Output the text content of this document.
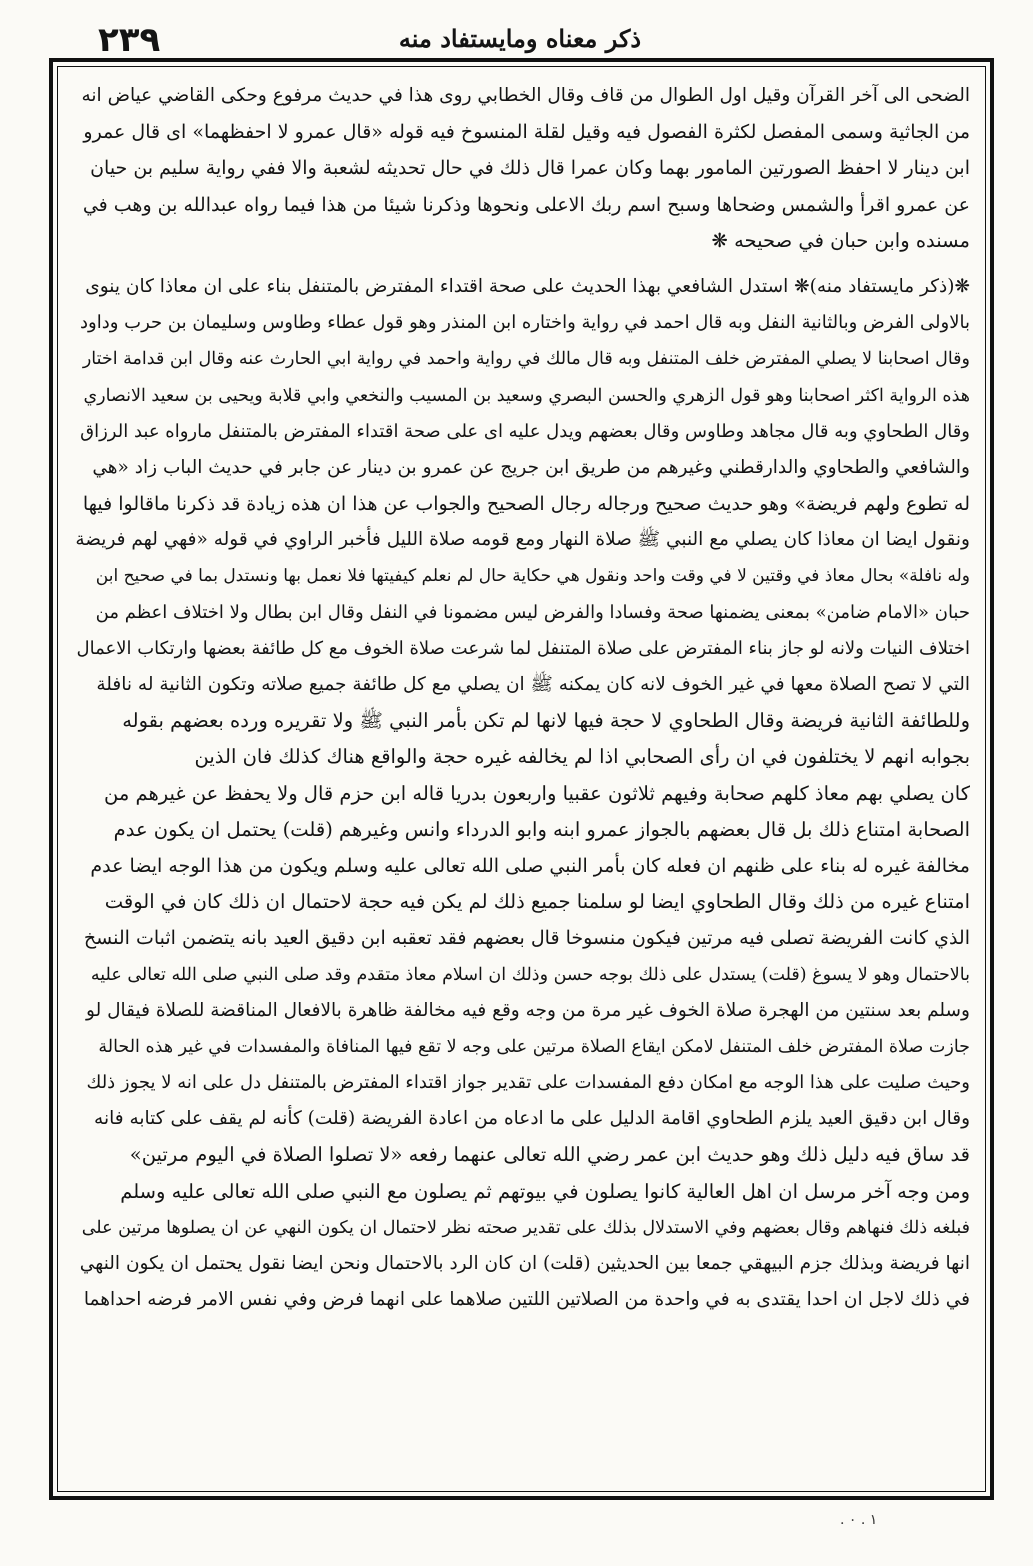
٢٣٩	ذكر معناه ومايستفاد منه
الضحى الى آخر القرآن وقيل اول الطوال من قاف وقال الخطابي روى هذا في حديث مرفوع وحكى القاضي عياض انه
من الجاثية وسمى المفصل لكثرة الفصول فيه وقيل لقلة المنسوخ فيه قوله «قال عمرو لا احفظهما» اى قال عمرو
ابن دينار لا احفظ الصورتين المامور بهما وكان عمرا قال ذلك في حال تحديثه لشعبة والا ففي رواية سليم بن حيان
عن عمرو اقرأ والشمس وضحاها وسبح اسم ربك الاعلى ونحوها وذكرنا شيئا من هذا فيما رواه عبدالله بن وهب في
مسنده وابن حبان في صحيحه ❋
❋(ذكر مايستفاد منه)❋ استدل الشافعي بهذا الحديث على صحة اقتداء المفترض بالمتنفل بناء على ان معاذا كان ينوى
بالاولى الفرض وبالثانية النفل وبه قال احمد في رواية واختاره ابن المنذر وهو قول عطاء وطاوس وسليمان بن حرب وداود
وقال اصحابنا لا يصلي المفترض خلف المتنفل وبه قال مالك في رواية واحمد في رواية ابي الحارث عنه وقال ابن قدامة اختار
هذه الرواية اكثر اصحابنا وهو قول الزهري والحسن البصري وسعيد بن المسيب والنخعي وابي قلابة ويحيى بن سعيد الانصاري
وقال الطحاوي وبه قال مجاهد وطاوس وقال بعضهم ويدل عليه اى على صحة اقتداء المفترض بالمتنفل مارواه عبد الرزاق
والشافعي والطحاوي والدارقطني وغيرهم من طريق ابن جريج عن عمرو بن دينار عن جابر في حديث الباب زاد «هي
له تطوع ولهم فريضة» وهو حديث صحيح ورجاله رجال الصحيح والجواب عن هذا ان هذه زيادة قد ذكرنا ماقالوا فيها
ونقول ايضا ان معاذا كان يصلي مع النبي ﷺ صلاة النهار ومع قومه صلاة الليل فأخبر الراوي في قوله «فهي لهم فريضة
وله نافلة» بحال معاذ في وقتين لا في وقت واحد ونقول هي حكاية حال لم نعلم كيفيتها فلا نعمل بها ونستدل بما في صحيح ابن
حبان «الامام ضامن» بمعنى يضمنها صحة وفسادا والفرض ليس مضمونا في النفل وقال ابن بطال ولا اختلاف اعظم من
اختلاف النيات ولانه لو جاز بناء المفترض على صلاة المتنفل لما شرعت صلاة الخوف مع كل طائفة بعضها وارتكاب الاعمال
التي لا تصح الصلاة معها في غير الخوف لانه كان يمكنه ﷺ ان يصلي مع كل طائفة جميع صلاته وتكون الثانية له نافلة
وللطائفة الثانية فريضة وقال الطحاوي لا حجة فيها لانها لم تكن بأمر النبي ﷺ ولا تقريره ورده بعضهم بقوله
بجوابه انهم لا يختلفون في ان رأى الصحابي اذا لم يخالفه غيره حجة والواقع هناك كذلك فان الذين
كان يصلي بهم معاذ كلهم صحابة وفيهم ثلاثون عقبيا واربعون بدريا قاله ابن حزم قال ولا يحفظ عن غيرهم من
الصحابة امتناع ذلك بل قال بعضهم بالجواز عمرو ابنه وابو الدرداء وانس وغيرهم (قلت) يحتمل ان يكون عدم
مخالفة غيره له بناء على ظنهم ان فعله كان بأمر النبي صلى الله تعالى عليه وسلم ويكون من هذا الوجه ايضا عدم
امتناع غيره من ذلك وقال الطحاوي ايضا لو سلمنا جميع ذلك لم يكن فيه حجة لاحتمال ان ذلك كان في الوقت
الذي كانت الفريضة تصلى فيه مرتين فيكون منسوخا قال بعضهم فقد تعقبه ابن دقيق العيد بانه يتضمن اثبات النسخ
بالاحتمال وهو لا يسوغ (قلت) يستدل على ذلك بوجه حسن وذلك ان اسلام معاذ متقدم وقد صلى النبي صلى الله تعالى عليه
وسلم بعد سنتين من الهجرة صلاة الخوف غير مرة من وجه وقع فيه مخالفة ظاهرة بالافعال المناقضة للصلاة فيقال لو
جازت صلاة المفترض خلف المتنفل لامكن ايقاع الصلاة مرتين على وجه لا تقع فيها المنافاة والمفسدات في غير هذه الحالة
وحيث صليت على هذا الوجه مع امكان دفع المفسدات على تقدير جواز اقتداء المفترض بالمتنفل دل على انه لا يجوز ذلك
وقال ابن دقيق العيد يلزم الطحاوي اقامة الدليل على ما ادعاه من اعادة الفريضة (قلت) كأنه لم يقف على كتابه فانه
قد ساق فيه دليل ذلك وهو حديث ابن عمر رضي الله تعالى عنهما رفعه «لا تصلوا الصلاة في اليوم مرتين»
ومن وجه آخر مرسل ان اهل العالية كانوا يصلون في بيوتهم ثم يصلون مع النبي صلى الله تعالى عليه وسلم
فبلغه ذلك فنهاهم وقال بعضهم وفي الاستدلال بذلك على تقدير صحته نظر لاحتمال ان يكون النهي عن ان يصلوها مرتين على
انها فريضة وبذلك جزم البيهقي جمعا بين الحديثين (قلت) ان كان الرد بالاحتمال ونحن ايضا نقول يحتمل ان يكون النهي
في ذلك لاجل ان احدا يقتدى به في واحدة من الصلاتين اللتين صلاهما على انهما فرض وفي نفس الامر فرضه احداهما
. ١ . ٠
